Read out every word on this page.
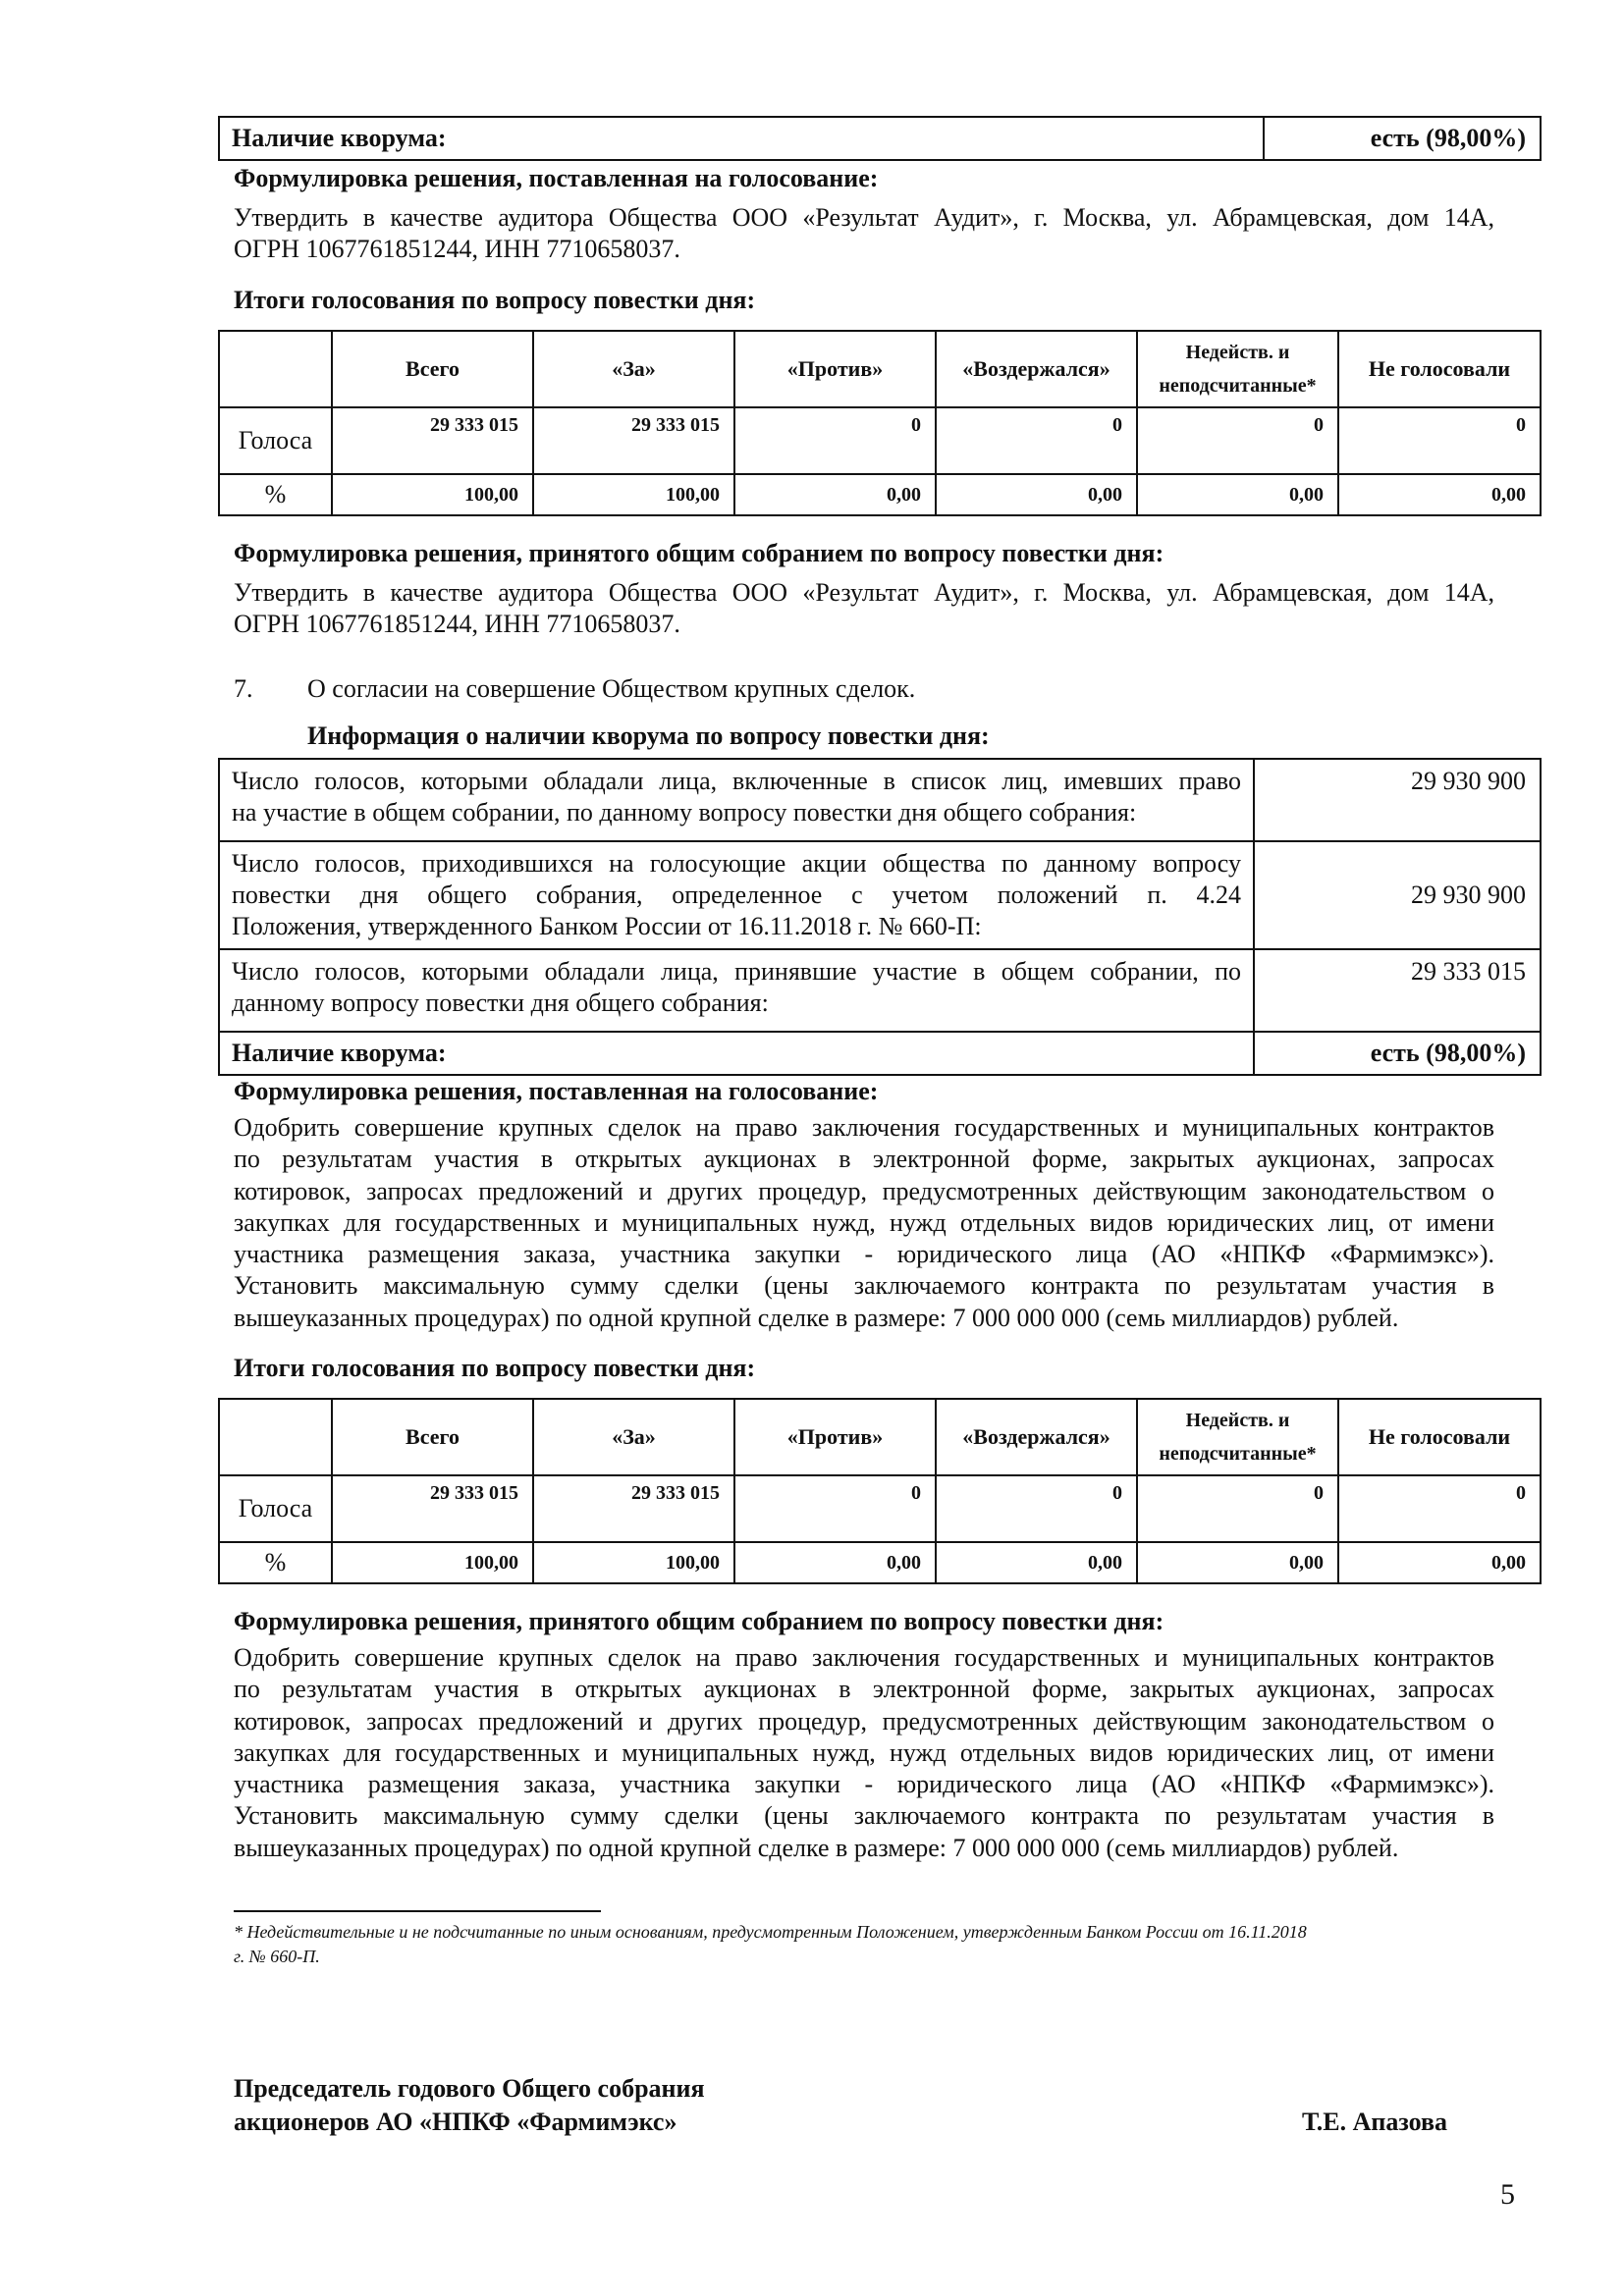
Наличие кворума:	есть (98,00%)
Формулировка решения, поставленная на голосование:
Утвердить в качестве аудитора Общества ООО «Результат Аудит», г. Москва, ул. Абрамцевская, дом 14А,
ОГРН 1067761851244, ИНН 7710658037.
Итоги голосования по вопросу повестки дня:
	Всего	«За»	«Против»	«Воздержался»	Недейств. и неподсчитанные*	Не голосовали
Голоса	29 333 015	29 333 015	0	0	0	0
%	100,00	100,00	0,00	0,00	0,00	0,00
Формулировка решения, принятого общим собранием по вопросу повестки дня:
Утвердить в качестве аудитора Общества ООО «Результат Аудит», г. Москва, ул. Абрамцевская, дом 14А,
ОГРН 1067761851244, ИНН 7710658037.
7. О согласии на совершение Обществом крупных сделок.
Информация о наличии кворума по вопросу повестки дня:
Число голосов, которыми обладали лица, включенные в список лиц, имевших право
на участие в общем собрании, по данному вопросу повестки дня общего собрания:	29 930 900

Число голосов, приходившихся на голосующие акции общества по данному вопросу
повестки дня общего собрания, определенное с учетом положений п. 4.24
Положения, утвержденного Банком России от 16.11.2018 г. № 660-П:	29 930 900

Число голосов, которыми обладали лица, принявшие участие в общем собрании, по
данному вопросу повестки дня общего собрания:	29 333 015
Наличие кворума:	есть (98,00%)
Формулировка решения, поставленная на голосование:
Одобрить совершение крупных сделок на право заключения государственных и муниципальных контрактов
по результатам участия в открытых аукционах в электронной форме, закрытых аукционах, запросах
котировок, запросах предложений и других процедур, предусмотренных действующим законодательством о
закупках для государственных и муниципальных нужд, нужд отдельных видов юридических лиц, от имени
участника размещения заказа, участника закупки - юридического лица (АО «НПКФ «Фармимэкс»).
Установить максимальную сумму сделки (цены заключаемого контракта по результатам участия в
вышеуказанных процедурах) по одной крупной сделке в размере: 7 000 000 000 (семь миллиардов) рублей.
Итоги голосования по вопросу повестки дня:
	Всего	«За»	«Против»	«Воздержался»	Недейств. и неподсчитанные*	Не голосовали
Голоса	29 333 015	29 333 015	0	0	0	0
%	100,00	100,00	0,00	0,00	0,00	0,00
Формулировка решения, принятого общим собранием по вопросу повестки дня:
Одобрить совершение крупных сделок на право заключения государственных и муниципальных контрактов
по результатам участия в открытых аукционах в электронной форме, закрытых аукционах, запросах
котировок, запросах предложений и других процедур, предусмотренных действующим законодательством о
закупках для государственных и муниципальных нужд, нужд отдельных видов юридических лиц, от имени
участника размещения заказа, участника закупки - юридического лица (АО «НПКФ «Фармимэкс»).
Установить максимальную сумму сделки (цены заключаемого контракта по результатам участия в
вышеуказанных процедурах) по одной крупной сделке в размере: 7 000 000 000 (семь миллиардов) рублей.
* Недействительные и не подсчитанные по иным основаниям, предусмотренным Положением, утвержденным Банком России от 16.11.2018
г. № 660-П.
Председатель годового Общего собрания
акционеров АО «НПКФ «Фармимэкс»	Т.Е. Апазова
5
